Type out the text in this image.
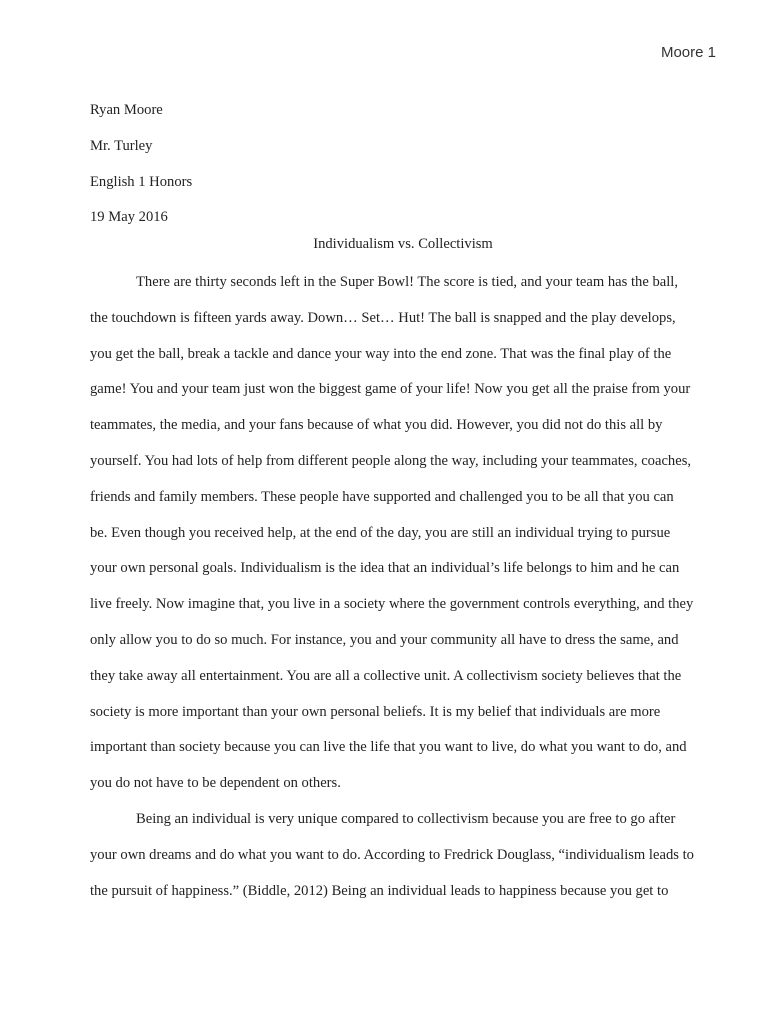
Moore 1
Ryan Moore
Mr. Turley
English 1 Honors
19 May 2016
Individualism vs. Collectivism
There are thirty seconds left in the Super Bowl! The score is tied, and your team has the ball,
the touchdown is fifteen yards away. Down… Set… Hut! The ball is snapped and the play develops,
you get the ball, break a tackle and dance your way into the end zone. That was the final play of the
game! You and your team just won the biggest game of your life! Now you get all the praise from your
teammates, the media, and your fans because of what you did. However, you did not do this all by
yourself. You had lots of help from different people along the way, including your teammates, coaches,
friends and family members. These people have supported and challenged you to be all that you can
be. Even though you received help, at the end of the day, you are still an individual trying to pursue
your own personal goals. Individualism is the idea that an individual’s life belongs to him and he can
live freely. Now imagine that, you live in a society where the government controls everything, and they
only allow you to do so much. For instance, you and your community all have to dress the same, and
they take away all entertainment. You are all a collective unit. A collectivism society believes that the
society is more important than your own personal beliefs. It is my belief that individuals are more
important than society because you can live the life that you want to live, do what you want to do, and
you do not have to be dependent on others.
Being an individual is very unique compared to collectivism because you are free to go after
your own dreams and do what you want to do. According to Fredrick Douglass, “individualism leads to
the pursuit of happiness.” (Biddle, 2012) Being an individual leads to happiness because you get to
